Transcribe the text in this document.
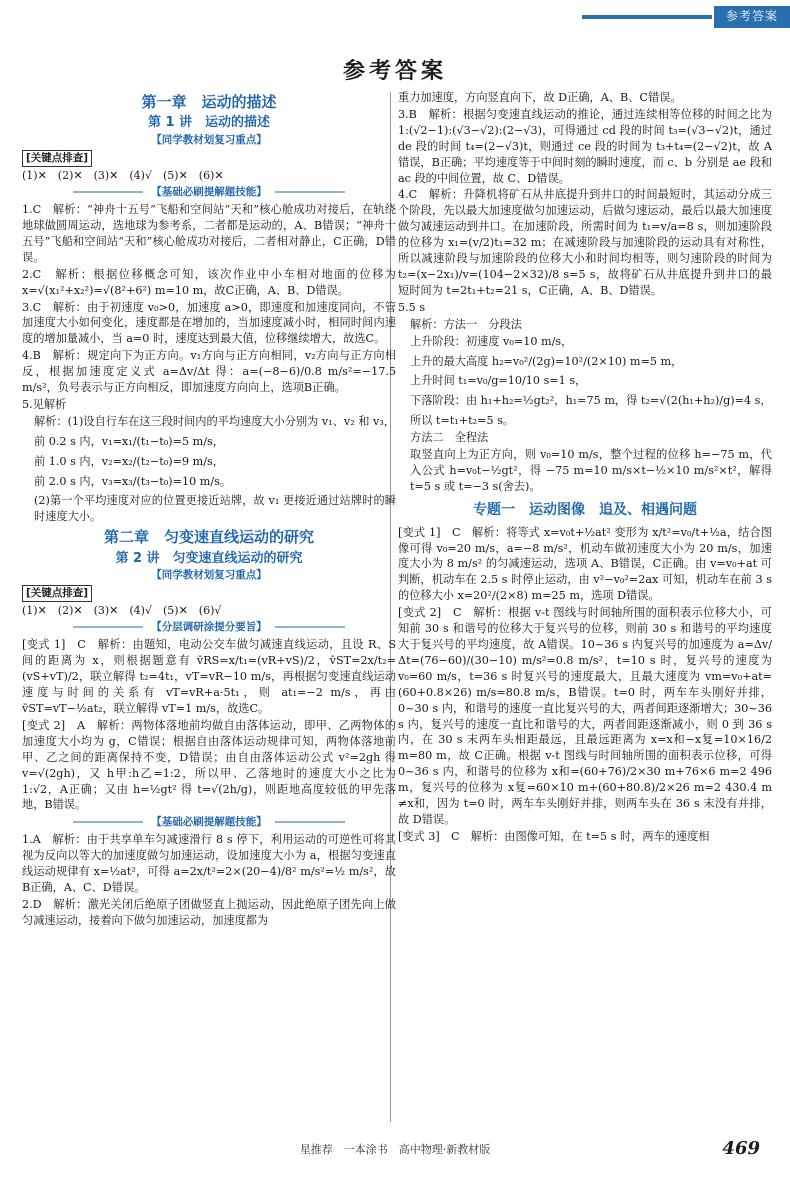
参考答案
参考答案
第一章　运动的描述
第 1 讲　运动的描述
【同学教材划复习重点】
[关键点排查]
(1)✕　(2)✕　(3)✕　(4)√　(5)✕　(6)✕
【基础必刷提解题技能】
1.C　解析：“神舟十五号”飞船和空间站“天和”核心舱成功对接后，在轨绕地球做圆周运动，选地球为参考系，二者都是运动的，A、B错误；“神舟十五号”飞船和空间站“天和”核心舱成功对接后，二者相对静止，C正确，D错误。
2.C　解析：根据位移概念可知，该次作业中小车相对地面的位移为 x=√(x₁²+x₂²)=√(8²+6²) m=10 m，故C正确，A、B、D错误。
3.C　解析：由于初速度 v₀>0，加速度 a>0，即速度和加速度同向，不管加速度大小如何变化，速度都是在增加的，当加速度减小时，相同时间内速度的增加量减小，当 a=0 时，速度达到最大值，位移继续增大，故选C。
4.B　解析：规定向下为正方向。v₁方向与正方向相同，v₂方向与正方向相反，根据加速度定义式 a=Δv/Δt 得：a=(−8−6)/0.8 m/s²=−17.5 m/s²，负号表示与正方向相反，即加速度方向向上，选项B正确。
5.见解析
解析：(1)设自行车在这三段时间内的平均速度大小分别为 v₁、v₂ 和 v₃，
前 0.2 s 内，v₁=x₁/(t₁−t₀)=5 m/s，
前 1.0 s 内，v₂=x₂/(t₂−t₀)=9 m/s，
前 2.0 s 内，v₃=x₃/(t₃−t₀)=10 m/s。
(2)第一个平均速度对应的位置更接近站牌，故 v₁ 更接近通过站牌时的瞬时速度大小。
第二章　匀变速直线运动的研究
第 2 讲　匀变速直线运动的研究
【同学教材划复习重点】
[关键点排查]
(1)✕　(2)✕　(3)✕　(4)√　(5)✕　(6)√
【分层调研涂提分要旨】
[变式 1]　C　解析：由题知，电动公交车做匀减速直线运动，且设 R、S 间的距离为 x，则根据题意有 v̄RS=x/t₁=(vR+vS)/2，v̄ST=2x/t₂=(vS+vT)/2，联立解得 t₂=4t₁，vT=vR−10 m/s，再根据匀变速直线运动速度与时间的关系有 vT=vR+a·5t₁，则 at₁=−2 m/s，再由 v̄ST=vT−½at₂，联立解得 vT=1 m/s，故选C。
[变式 2]　A　解析：两物体落地前均做自由落体运动，即甲、乙两物体的加速度大小均为 g，C错误；根据自由落体运动规律可知，两物体落地前甲、乙之间的距离保持不变，D错误；由自由落体运动公式 v²=2gh 得 v=√(2gh)，又 h甲:h乙=1:2，所以甲、乙落地时的速度大小之比为 1:√2，A正确；又由 h=½gt² 得 t=√(2h/g)，则距地高度较低的甲先落地，B错误。
【基础必刷提解题技能】
1.A　解析：由于共享单车匀减速滑行 8 s 停下，利用运动的可逆性可将其视为反向以等大的加速度做匀加速运动，设加速度大小为 a，根据匀变速直线运动规律有 x=½at²，可得 a=2x/t²=2×(20−4)/8² m/s²=½ m/s²，故 B正确，A、C、D错误。
2.D　解析：激光关闭后绝原子团做竖直上抛运动，因此绝原子团先向上做匀减速运动，接着向下做匀加速运动，加速度都为
重力加速度，方向竖直向下，故 D正确，A、B、C错误。
3.B　解析：根据匀变速直线运动的推论，通过连续相等位移的时间之比为 1:(√2−1):(√3−√2):(2−√3)，可得通过 cd 段的时间 t₃=(√3−√2)t，通过 de 段的时间 t₄=(2−√3)t，则通过 ce 段的时间为 t₃+t₄=(2−√2)t，故 A错误，B正确；平均速度等于中间时刻的瞬时速度，而 c、b 分别是 ae 段和 ac 段的中间位置，故 C、D错误。
4.C　解析：升降机将矿石从井底提升到井口的时间最短时，其运动分成三个阶段，先以最大加速度做匀加速运动，后做匀速运动，最后以最大加速度做匀减速运动到井口。在加速阶段，所需时间为 t₁=v/a=8 s，则加速阶段的位移为 x₁=(v/2)t₁=32 m；在减速阶段与加速阶段的运动具有对称性，所以减速阶段与加速阶段的位移大小和时间均相等，则匀速阶段的时间为 t₂=(x−2x₁)/v=(104−2×32)/8 s=5 s，故将矿石从井底提升到井口的最短时间为 t=2t₁+t₂=21 s，C正确，A、B、D错误。
5.5 s
解析：方法一　分段法
上升阶段：初速度 v₀=10 m/s，
上升的最大高度 h₂=v₀²/(2g)=10²/(2×10) m=5 m，
上升时间 t₁=v₀/g=10/10 s=1 s，
下落阶段：由 h₁+h₂=½gt₂²，h₁=75 m，得 t₂=√(2(h₁+h₂)/g)=4 s，
所以 t=t₁+t₂=5 s。
方法二　全程法
取竖直向上为正方向，则 v₀=10 m/s，整个过程的位移 h=−75 m，代入公式 h=v₀t−½gt²，得 −75 m=10 m/s×t−½×10 m/s²×t²，解得 t=5 s 或 t=−3 s(舍去)。
专题一　运动图像　追及、相遇问题
[变式 1]　C　解析：将等式 x=v₀t+½at² 变形为 x/t²=v₀/t+½a，结合图像可得 v₀=20 m/s，a=−8 m/s²，机动车做初速度大小为 20 m/s，加速度大小为 8 m/s² 的匀减速运动，选项 A、B错误，C正确。由 v=v₀+at 可判断，机动车在 2.5 s 时停止运动，由 v²−v₀²=2ax 可知，机动车在前 3 s 的位移大小 x=20²/(2×8) m=25 m，选项 D错误。
[变式 2]　C　解析：根据 v-t 图线与时间轴所围的面积表示位移大小，可知前 30 s 和谐号的位移大于复兴号的位移，则前 30 s 和谐号的平均速度大于复兴号的平均速度，故 A错误。10~36 s 内复兴号的加速度为 a=Δv/Δt=(76−60)/(30−10) m/s²=0.8 m/s²，t=10 s 时，复兴号的速度为 v₀=60 m/s，t=36 s 时复兴号的速度最大，且最大速度为 vm=v₀+at=(60+0.8×26) m/s=80.8 m/s，B错误。t=0 时，两车车头刚好并排，0~30 s 内，和谐号的速度一直比复兴号的大，两者间距逐渐增大；30~36 s 内，复兴号的速度一直比和谐号的大，两者间距逐渐减小，则 0 到 36 s 内，在 30 s 末两车头相距最远，且最远距离为 x=x和−x复=10×16/2 m=80 m，故 C正确。根据 v-t 图线与时间轴所围的面积表示位移，可得 0~36 s 内，和谐号的位移为 x和=(60+76)/2×30 m+76×6 m=2 496 m，复兴号的位移为 x复=60×10 m+(60+80.8)/2×26 m=2 430.4 m ≠x和，因为 t=0 时，两车车头刚好并排，则两车头在 36 s 末没有并排，故 D错误。
[变式 3]　C　解析：由图像可知，在 t=5 s 时，两车的速度相
星推荐　一本涂书　高中物理·新教材版	469
